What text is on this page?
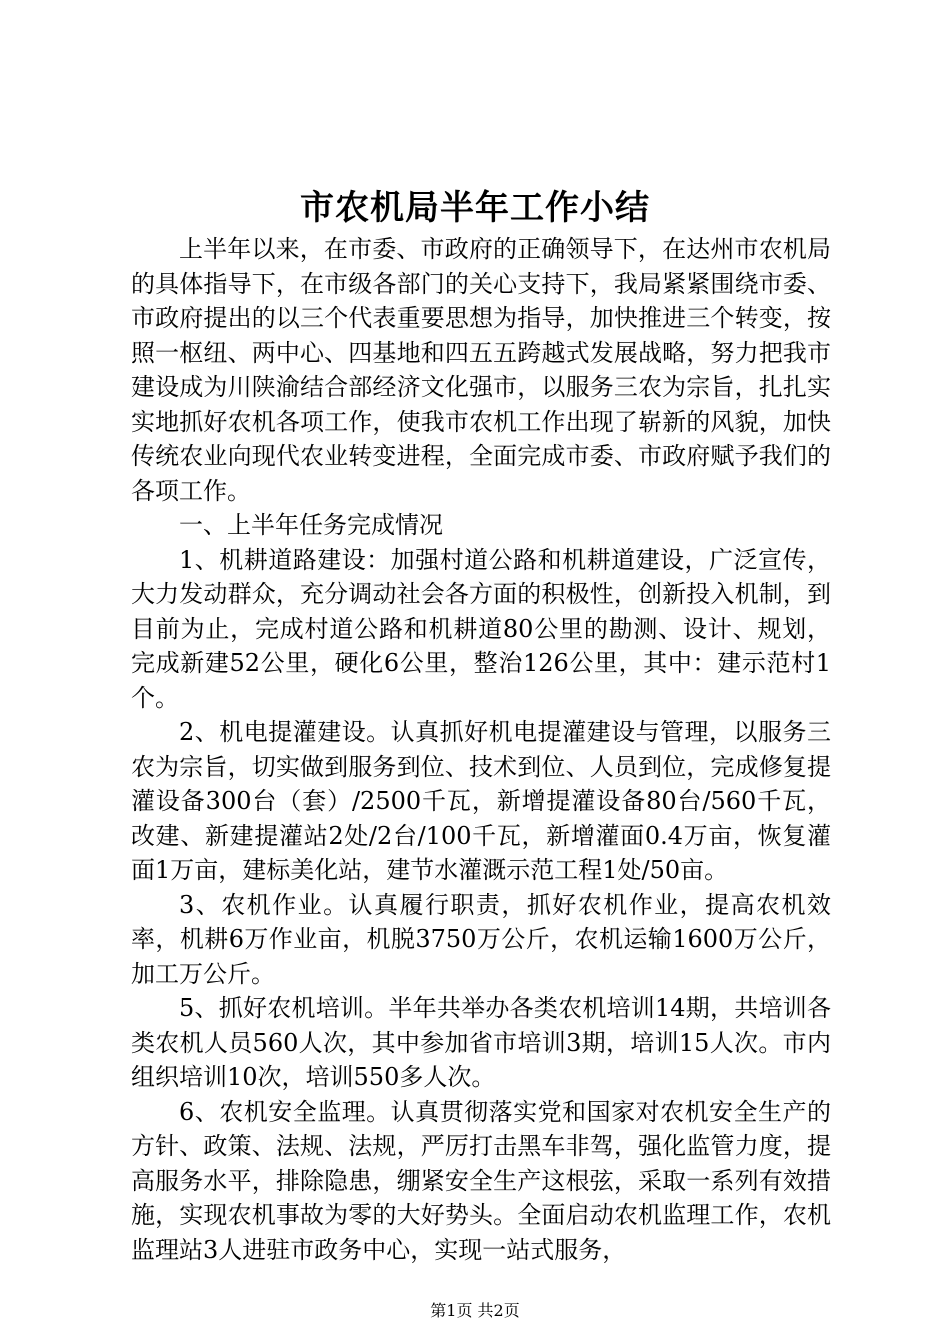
市农机局半年工作小结

上半年以来，在市委、市政府的正确领导下，在达州市农机局的具体指导下，在市级各部门的关心支持下，我局紧紧围绕市委、市政府提出的以三个代表重要思想为指导，加快推进三个转变，按照一枢纽、两中心、四基地和四五五跨越式发展战略，努力把我市建设成为川陕渝结合部经济文化强市，以服务三农为宗旨，扎扎实实地抓好农机各项工作，使我市农机工作出现了崭新的风貌，加快传统农业向现代农业转变进程，全面完成市委、市政府赋予我们的各项工作。

一、上半年任务完成情况

1、机耕道路建设：加强村道公路和机耕道建设，广泛宣传，大力发动群众，充分调动社会各方面的积极性，创新投入机制，到目前为止，完成村道公路和机耕道80公里的勘测、设计、规划，完成新建52公里，硬化6公里，整治126公里，其中：建示范村1个。

2、机电提灌建设。认真抓好机电提灌建设与管理，以服务三农为宗旨，切实做到服务到位、技术到位、人员到位，完成修复提灌设备300台（套）/2500千瓦，新增提灌设备80台/560千瓦，改建、新建提灌站2处/2台/100千瓦，新增灌面0.4万亩，恢复灌面1万亩，建标美化站，建节水灌溉示范工程1处/50亩。

3、农机作业。认真履行职责，抓好农机作业，提高农机效率，机耕6万作业亩，机脱3750万公斤，农机运输1600万公斤，加工万公斤。

5、抓好农机培训。半年共举办各类农机培训14期，共培训各类农机人员560人次，其中参加省市培训3期，培训15人次。市内组织培训10次，培训550多人次。

6、农机安全监理。认真贯彻落实党和国家对农机安全生产的方针、政策、法规、法规，严厉打击黑车非驾，强化监管力度，提高服务水平，排除隐患，绷紧安全生产这根弦，采取一系列有效措施，实现农机事故为零的大好势头。全面启动农机监理工作，农机监理站3人进驻市政务中心，实现一站式服务，

第1页 共2页
